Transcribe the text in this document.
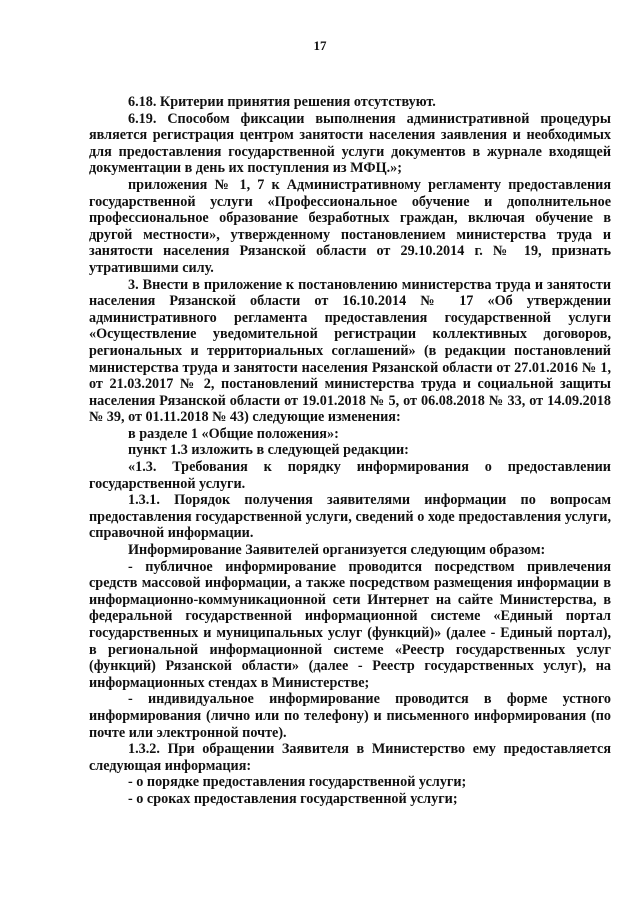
17

6.18. Критерии принятия решения отсутствуют.

6.19. Способом фиксации выполнения административной процедуры является регистрация центром занятости населения заявления и необходимых для предоставления государственной услуги документов в журнале входящей документации в день их поступления из МФЦ.»;

приложения № 1, 7 к Административному регламенту предоставления государственной услуги «Профессиональное обучение и дополнительное профессиональное образование безработных граждан, включая обучение в другой местности», утвержденному постановлением министерства труда и занятости населения Рязанской области от 29.10.2014 г. № 19, признать утратившими силу.

3. Внести в приложение к постановлению министерства труда и занятости населения Рязанской области от 16.10.2014 № 17 «Об утверждении административного регламента предоставления государственной услуги «Осуществление уведомительной регистрации коллективных договоров, региональных и территориальных соглашений» (в редакции постановлений министерства труда и занятости населения Рязанской области от 27.01.2016 № 1, от 21.03.2017 № 2, постановлений министерства труда и социальной защиты населения Рязанской области от 19.01.2018 № 5, от 06.08.2018 № 33, от 14.09.2018 № 39, от 01.11.2018 № 43) следующие изменения:

в разделе 1 «Общие положения»:

пункт 1.3 изложить в следующей редакции:

«1.3. Требования к порядку информирования о предоставлении государственной услуги.

1.3.1. Порядок получения заявителями информации по вопросам предоставления государственной услуги, сведений о ходе предоставления услуги, справочной информации.

Информирование Заявителей организуется следующим образом:

- публичное информирование проводится посредством привлечения средств массовой информации, а также посредством размещения информации в информационно-коммуникационной сети Интернет на сайте Министерства, в федеральной государственной информационной системе «Единый портал государственных и муниципальных услуг (функций)» (далее - Единый портал), в региональной информационной системе «Реестр государственных услуг (функций) Рязанской области» (далее - Реестр государственных услуг), на информационных стендах в Министерстве;

- индивидуальное информирование проводится в форме устного информирования (лично или по телефону) и письменного информирования (по почте или электронной почте).

1.3.2. При обращении Заявителя в Министерство ему предоставляется следующая информация:

- о порядке предоставления государственной услуги;

- о сроках предоставления государственной услуги;
